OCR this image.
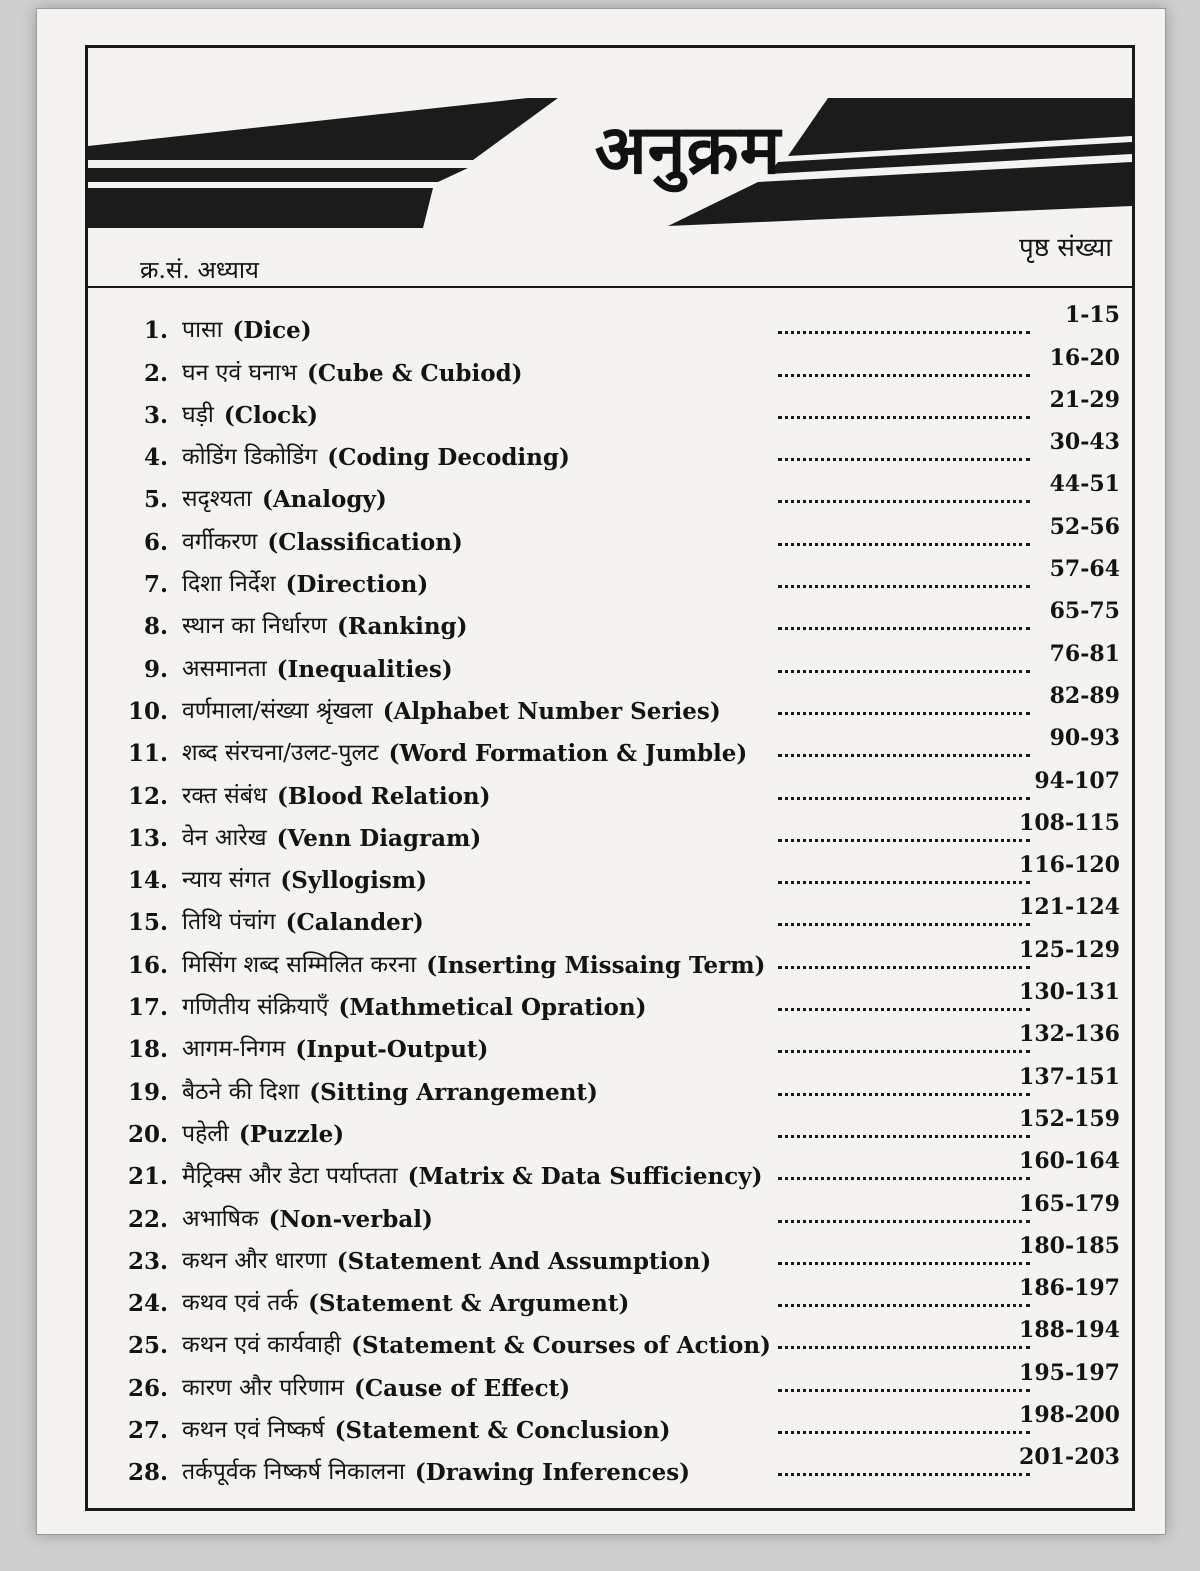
अनुक्रम
क्र.सं. अध्याय
पृष्ठ संख्या
1. पासा (Dice)
1-15
2. घन एवं घनाभ (Cube & Cubiod)
16-20
3. घड़ी (Clock)
21-29
4. कोडिंग डिकोडिंग (Coding Decoding)
30-43
5. सदृश्यता (Analogy)
44-51
6. वर्गीकरण (Classification)
52-56
7. दिशा निर्देश (Direction)
57-64
8. स्थान का निर्धारण (Ranking)
65-75
9. असमानता (Inequalities)
76-81
10. वर्णमाला/संख्या श्रृंखला (Alphabet Number Series)
82-89
11. शब्द संरचना/उलट-पुलट (Word Formation & Jumble)
90-93
12. रक्त संबंध (Blood Relation)
94-107
13. वेन आरेख (Venn Diagram)
108-115
14. न्याय संगत (Syllogism)
116-120
15. तिथि पंचांग (Calander)
121-124
16. मिसिंग शब्द सम्मिलित करना (Inserting Missaing Term)
125-129
17. गणितीय संक्रियाएँ (Mathmetical Opration)
130-131
18. आगम-निगम (Input-Output)
132-136
19. बैठने की दिशा (Sitting Arrangement)
137-151
20. पहेली (Puzzle)
152-159
21. मैट्रिक्स और डेटा पर्याप्तता (Matrix & Data Sufficiency)
160-164
22. अभाषिक (Non-verbal)
165-179
23. कथन और धारणा (Statement And Assumption)
180-185
24. कथव एवं तर्क (Statement & Argument)
186-197
25. कथन एवं कार्यवाही (Statement & Courses of Action)
188-194
26. कारण और परिणाम (Cause of Effect)
195-197
27. कथन एवं निष्कर्ष (Statement & Conclusion)
198-200
28. तर्कपूर्वक निष्कर्ष निकालना (Drawing Inferences)
201-203
